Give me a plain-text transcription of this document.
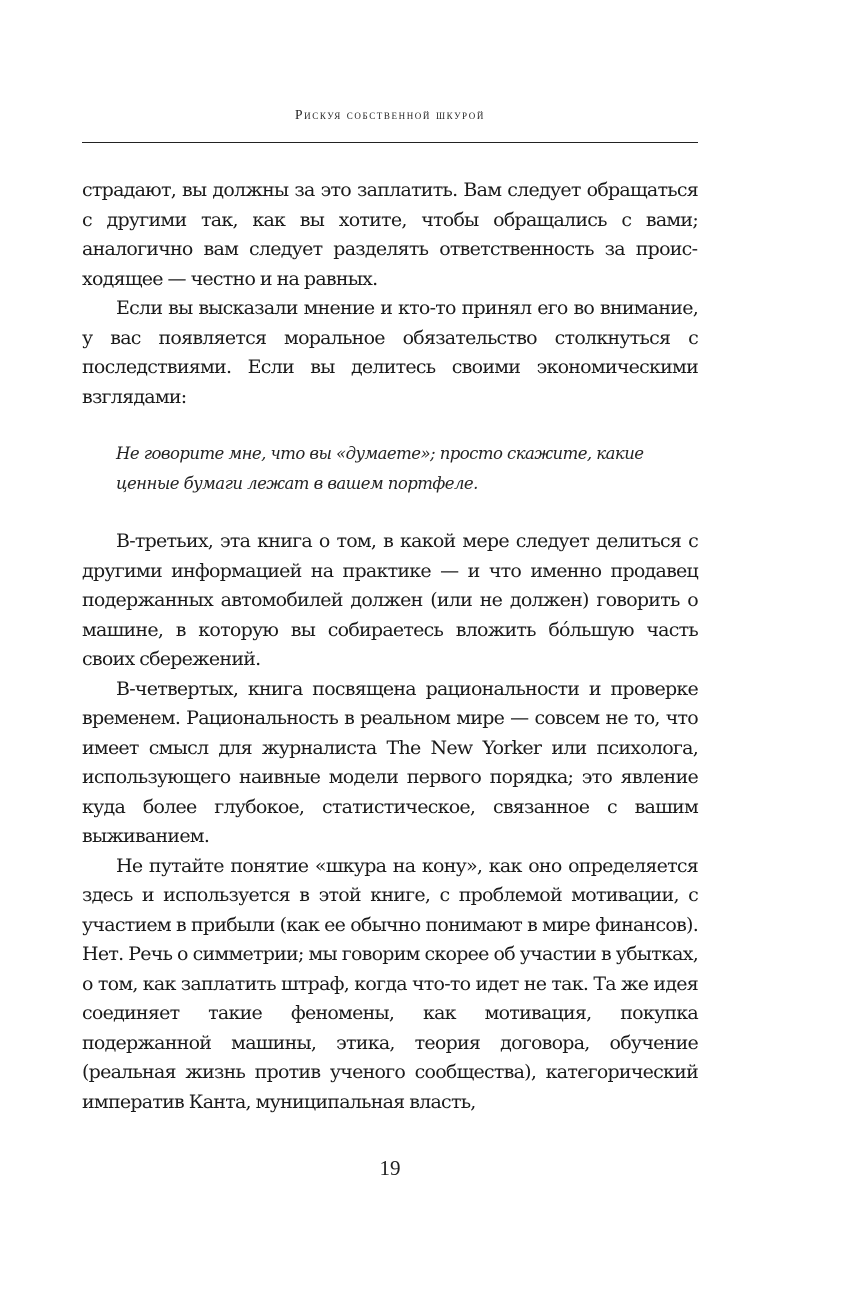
Рискуя собственной шкурой

страдают, вы должны за это заплатить. Вам следует обращаться с другими так, как вы хотите, чтобы обращались с вами; аналогично вам следует разделять ответственность за происходящее — честно и на равных.

Если вы высказали мнение и кто-то принял его во внимание, у вас появляется моральное обязательство столкнуться с последствиями. Если вы делитесь своими экономическими взглядами:

Не говорите мне, что вы «думаете»; просто скажите, какие ценные бумаги лежат в вашем портфеле.

В-третьих, эта книга о том, в какой мере следует делиться с другими информацией на практике — и что именно продавец подержанных автомобилей должен (или не должен) говорить о машине, в которую вы собираетесь вложить бóльшую часть своих сбережений.

В-четвертых, книга посвящена рациональности и проверке временем. Рациональность в реальном мире — совсем не то, что имеет смысл для журналиста The New Yorker или психолога, использующего наивные модели первого порядка; это явление куда более глубокое, статистическое, связанное с вашим выживанием.

Не путайте понятие «шкура на кону», как оно определяется здесь и используется в этой книге, с проблемой мотивации, с участием в прибыли (как ее обычно понимают в мире финансов). Нет. Речь о симметрии; мы говорим скорее об участии в убытках, о том, как заплатить штраф, когда что-то идет не так. Та же идея соединяет такие феномены, как мотивация, покупка подержанной машины, этика, теория договора, обучение (реальная жизнь против ученого сообщества), категорический императив Канта, муниципальная власть,

19
